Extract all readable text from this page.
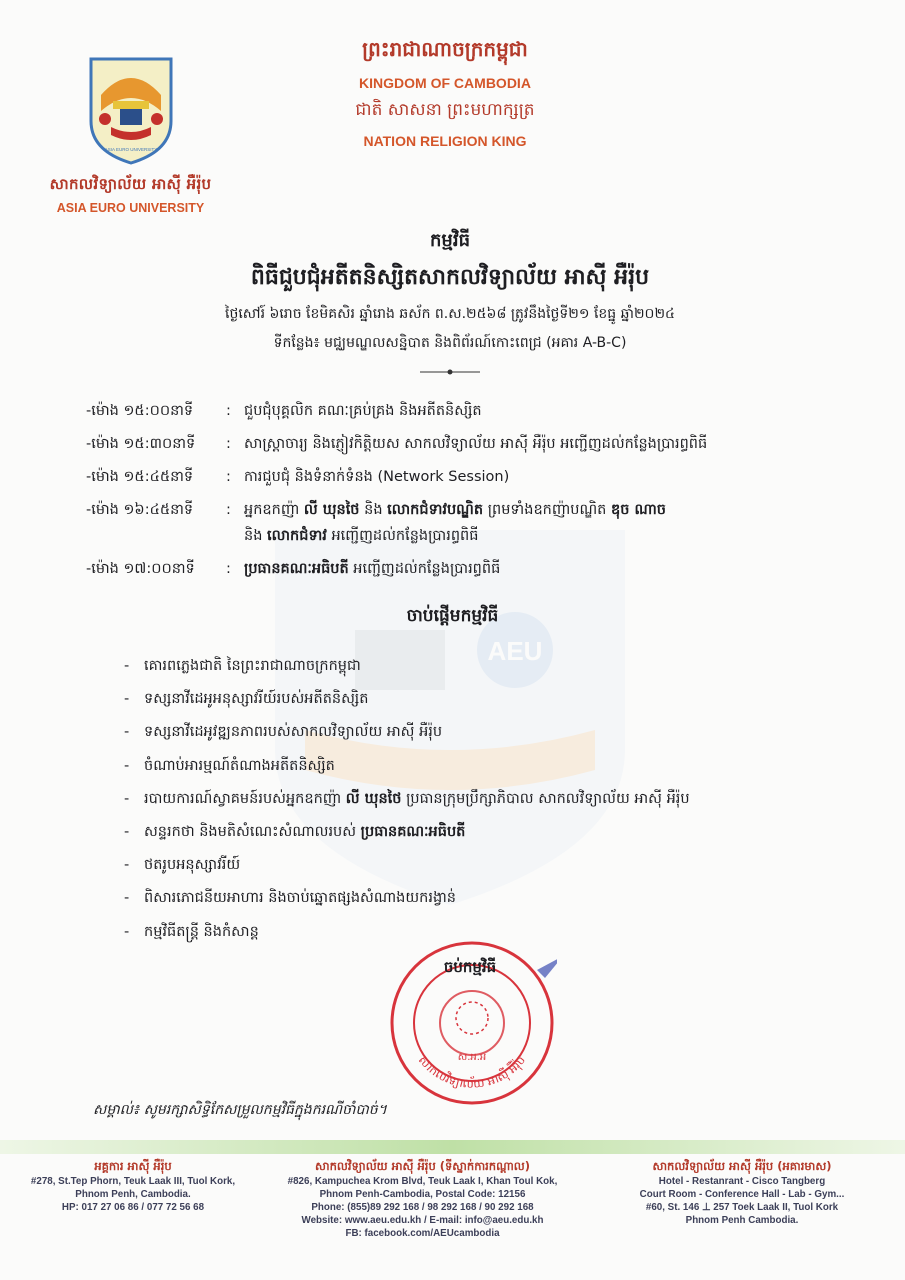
AEU
ASIA EURO UNIVERSITY
សាកលវិទ្យាល័យ អាស៊ី អឺរ៉ុប
ASIA EURO UNIVERSITY
ព្រះរាជាណាចក្រកម្ពុជា
KINGDOM OF CAMBODIA
ជាតិ សាសនា ព្រះមហាក្សត្រ
NATION RELIGION KING
កម្មវិធី
ពិធីជួបជុំអតីតនិស្សិតសាកលវិទ្យាល័យ អាស៊ី អឺរ៉ុប
ថ្ងៃសៅរ៍ ៦រោច ខែមិគសិរ ឆ្នាំរោង ឆស័ក ព.ស.២៥៦៨ ត្រូវនឹងថ្ងៃទី២១ ខែធ្នូ ឆ្នាំ២០២៤
ទីកន្លែង៖ មជ្ឈមណ្ឌលសន្និបាត និងពិព័រណ៍កោះពេជ្រ (អគារ A-B-C)
-ម៉ោង ១៥:០០នាទី	: ជួបជុំបុគ្គលិក គណៈគ្រប់គ្រង និងអតីតនិស្សិត
-ម៉ោង ១៥:៣០នាទី	: សាស្ត្រាចារ្យ និងភ្ញៀវកិត្តិយស សាកលវិទ្យាល័យ អាស៊ី អឺរ៉ុប អញ្ជើញដល់កន្លែងប្រារព្ធពិធី
-ម៉ោង ១៥:៤៥នាទី	: ការជួបជុំ និងទំនាក់ទំនង (Network Session)
-ម៉ោង ១៦:៤៥នាទី	: អ្នកឧកញ៉ា លី ឃុនថៃ និង លោកជំទាវបណ្ឌិត ព្រមទាំងឧកញ៉ាបណ្ឌិត ឌុច ណាច
និង លោកជំទាវ អញ្ជើញដល់កន្លែងប្រារព្ធពិធី
-ម៉ោង ១៧:០០នាទី	: ប្រធានគណៈអធិបតី អញ្ជើញដល់កន្លែងប្រារព្ធពិធី
ចាប់ផ្តើមកម្មវិធី
-	គោរពភ្លេងជាតិ នៃព្រះរាជាណាចក្រកម្ពុជា
-	ទស្សនាវីដេអូអនុស្សាវរីយ៍របស់អតីតនិស្សិត
-	ទស្សនាវីដេអូវឌ្ឍនភាពរបស់សាកលវិទ្យាល័យ អាស៊ី អឺរ៉ុប
-	ចំណាប់អារម្មណ៍តំណាងអតីតនិស្សិត
-	របាយការណ៍ស្វាគមន៍របស់អ្នកឧកញ៉ា លី ឃុនថៃ ប្រធានក្រុមប្រឹក្សាភិបាល សាកលវិទ្យាល័យ អាស៊ី អឺរ៉ុប
-	សន្ទរកថា និងមតិសំណេះសំណាលរបស់ ប្រធានគណៈអធិបតី
-	ថតរូបអនុស្សាវរីយ៍
-	ពិសារភោជនីយអាហារ និងចាប់ឆ្នោតផ្សងសំណាងយករង្វាន់
-	កម្មវិធីតន្ត្រី និងកំសាន្ត
ស.អ.អ
សាកលវិទ្យាល័យ អាស៊ី អឺរ៉ុប
ចប់កម្មវិធី
សម្គាល់៖ សូមរក្សាសិទ្ធិកែសម្រួលកម្មវិធីក្នុងករណីចាំបាច់។
អគ្គការ អាស៊ី អឺរ៉ុប
#278, St.Tep Phorn, Teuk Laak III, Tuol Kork,
Phnom Penh, Cambodia.
HP: 017 27 06 86 / 077 72 56 68
សាកលវិទ្យាល័យ អាស៊ី អឺរ៉ុប (ទីស្នាក់ការកណ្តាល)
#826, Kampuchea Krom Blvd, Teuk Laak I, Khan Toul Kok,
Phnom Penh-Cambodia, Postal Code: 12156
Phone: (855)89 292 168 / 98 292 168 / 90 292 168
Website: www.aeu.edu.kh / E-mail: info@aeu.edu.kh
FB: facebook.com/AEUcambodia
សាកលវិទ្យាល័យ អាស៊ី អឺរ៉ុប (អគារមាស)
Hotel - Restanrant - Cisco Tangberg
Court Room - Conference Hall - Lab - Gym...
#60, St. 146 ⊥ 257 Toek Laak II, Tuol Kork
Phnom Penh Cambodia.
